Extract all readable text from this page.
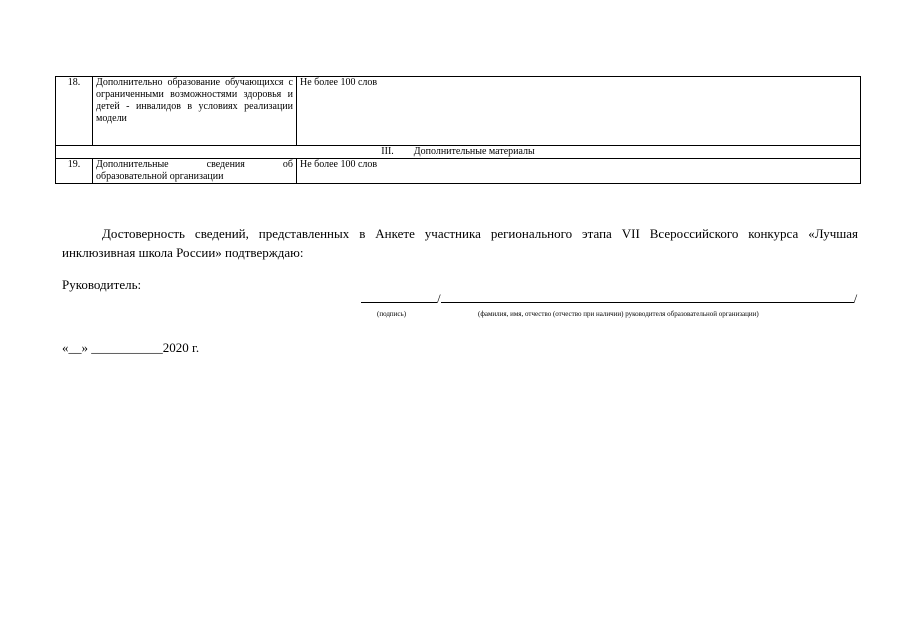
18.	Дополнительно образование обучающихся с ограниченными возможностями здоровья и детей - инвалидов в условиях реализации модели	Не более 100 слов
III. Дополнительные материалы		
19.	Дополнительные сведения об образовательной организации	Не более 100 слов

Достоверность сведений, представленных в Анкете участника регионального этапа VII Всероссийского конкурса «Лучшая инклюзивная школа России» подтверждаю:

Руководитель:

/	/
(подпись)	(фамилия, имя, отчество (отчество при наличии) руководителя образовательной организации)

«__» ___________2020 г.
